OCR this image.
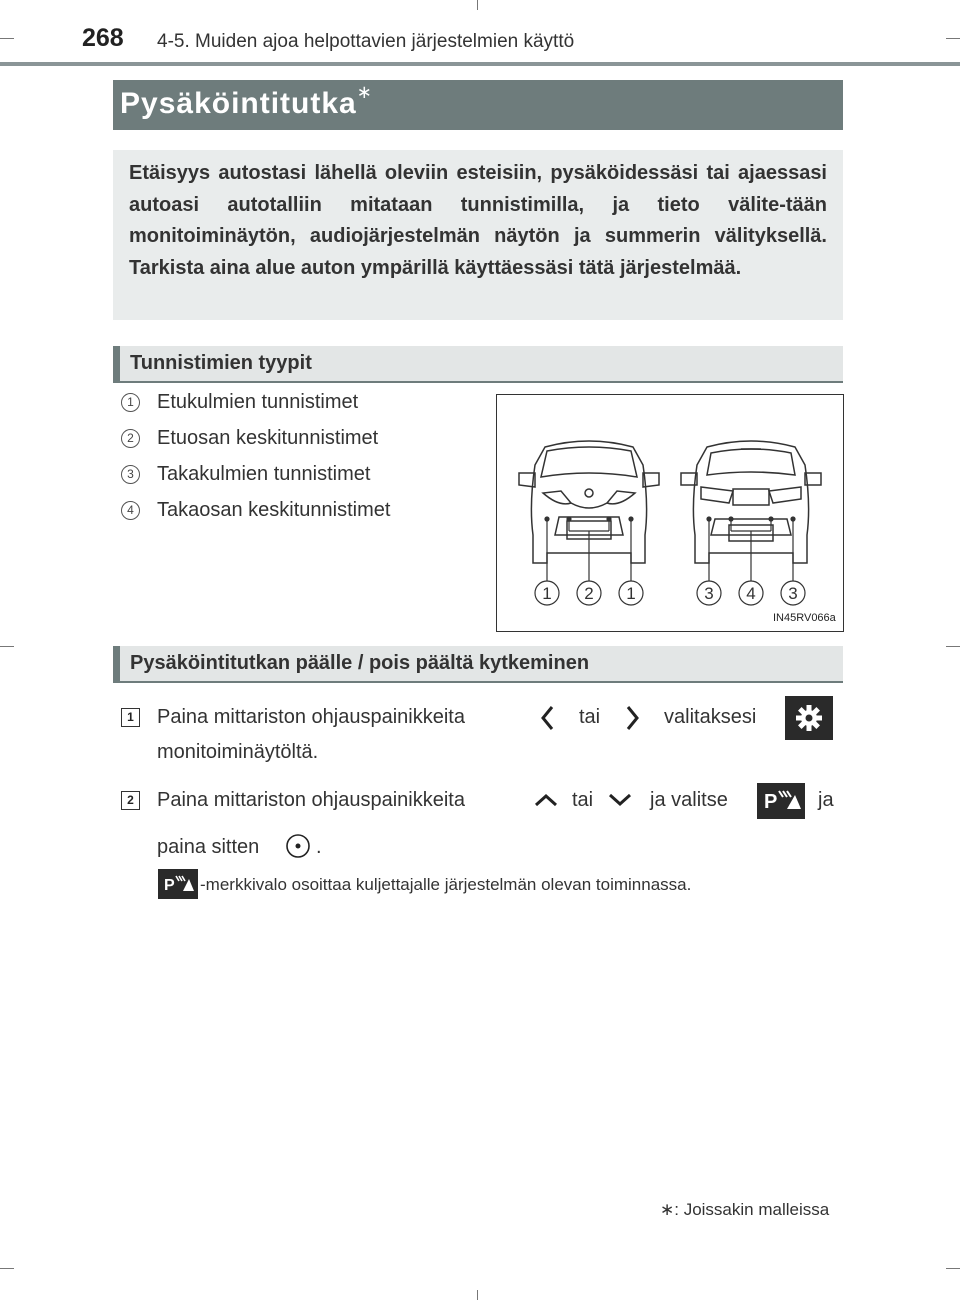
268 4-5. Muiden ajoa helpottavien järjestelmien käyttö
Pysäköintitutka∗
Etäisyys autostasi lähellä oleviin esteisiin, pysäköidessäsi tai ajaessasi autoasi autotalliin mitataan tunnistimilla, ja tieto välite-tään monitoiminäytön, audiojärjestelmän näytön ja summerin välityksellä. Tarkista aina alue auton ympärillä käyttäessäsi tätä järjestelmää.
Tunnistimien tyypit
1	Etukulmien tunnistimet
2	Etuosan keskitunnistimet
3	Takakulmien tunnistimet
4	Takaosan keskitunnistimet
1 2 1	3 4 3
IN45RV066a
Pysäköintitutkan päälle / pois päältä kytkeminen
1	Paina mittariston ohjauspainikkeita	tai	valitaksesi
monitoiminäytöltä.
2	Paina mittariston ohjauspainikkeita	tai	ja valitse P ja
paina sitten	.
P -merkkivalo osoittaa kuljettajalle järjestelmän olevan toiminnassa.
∗: Joissakin malleissa
